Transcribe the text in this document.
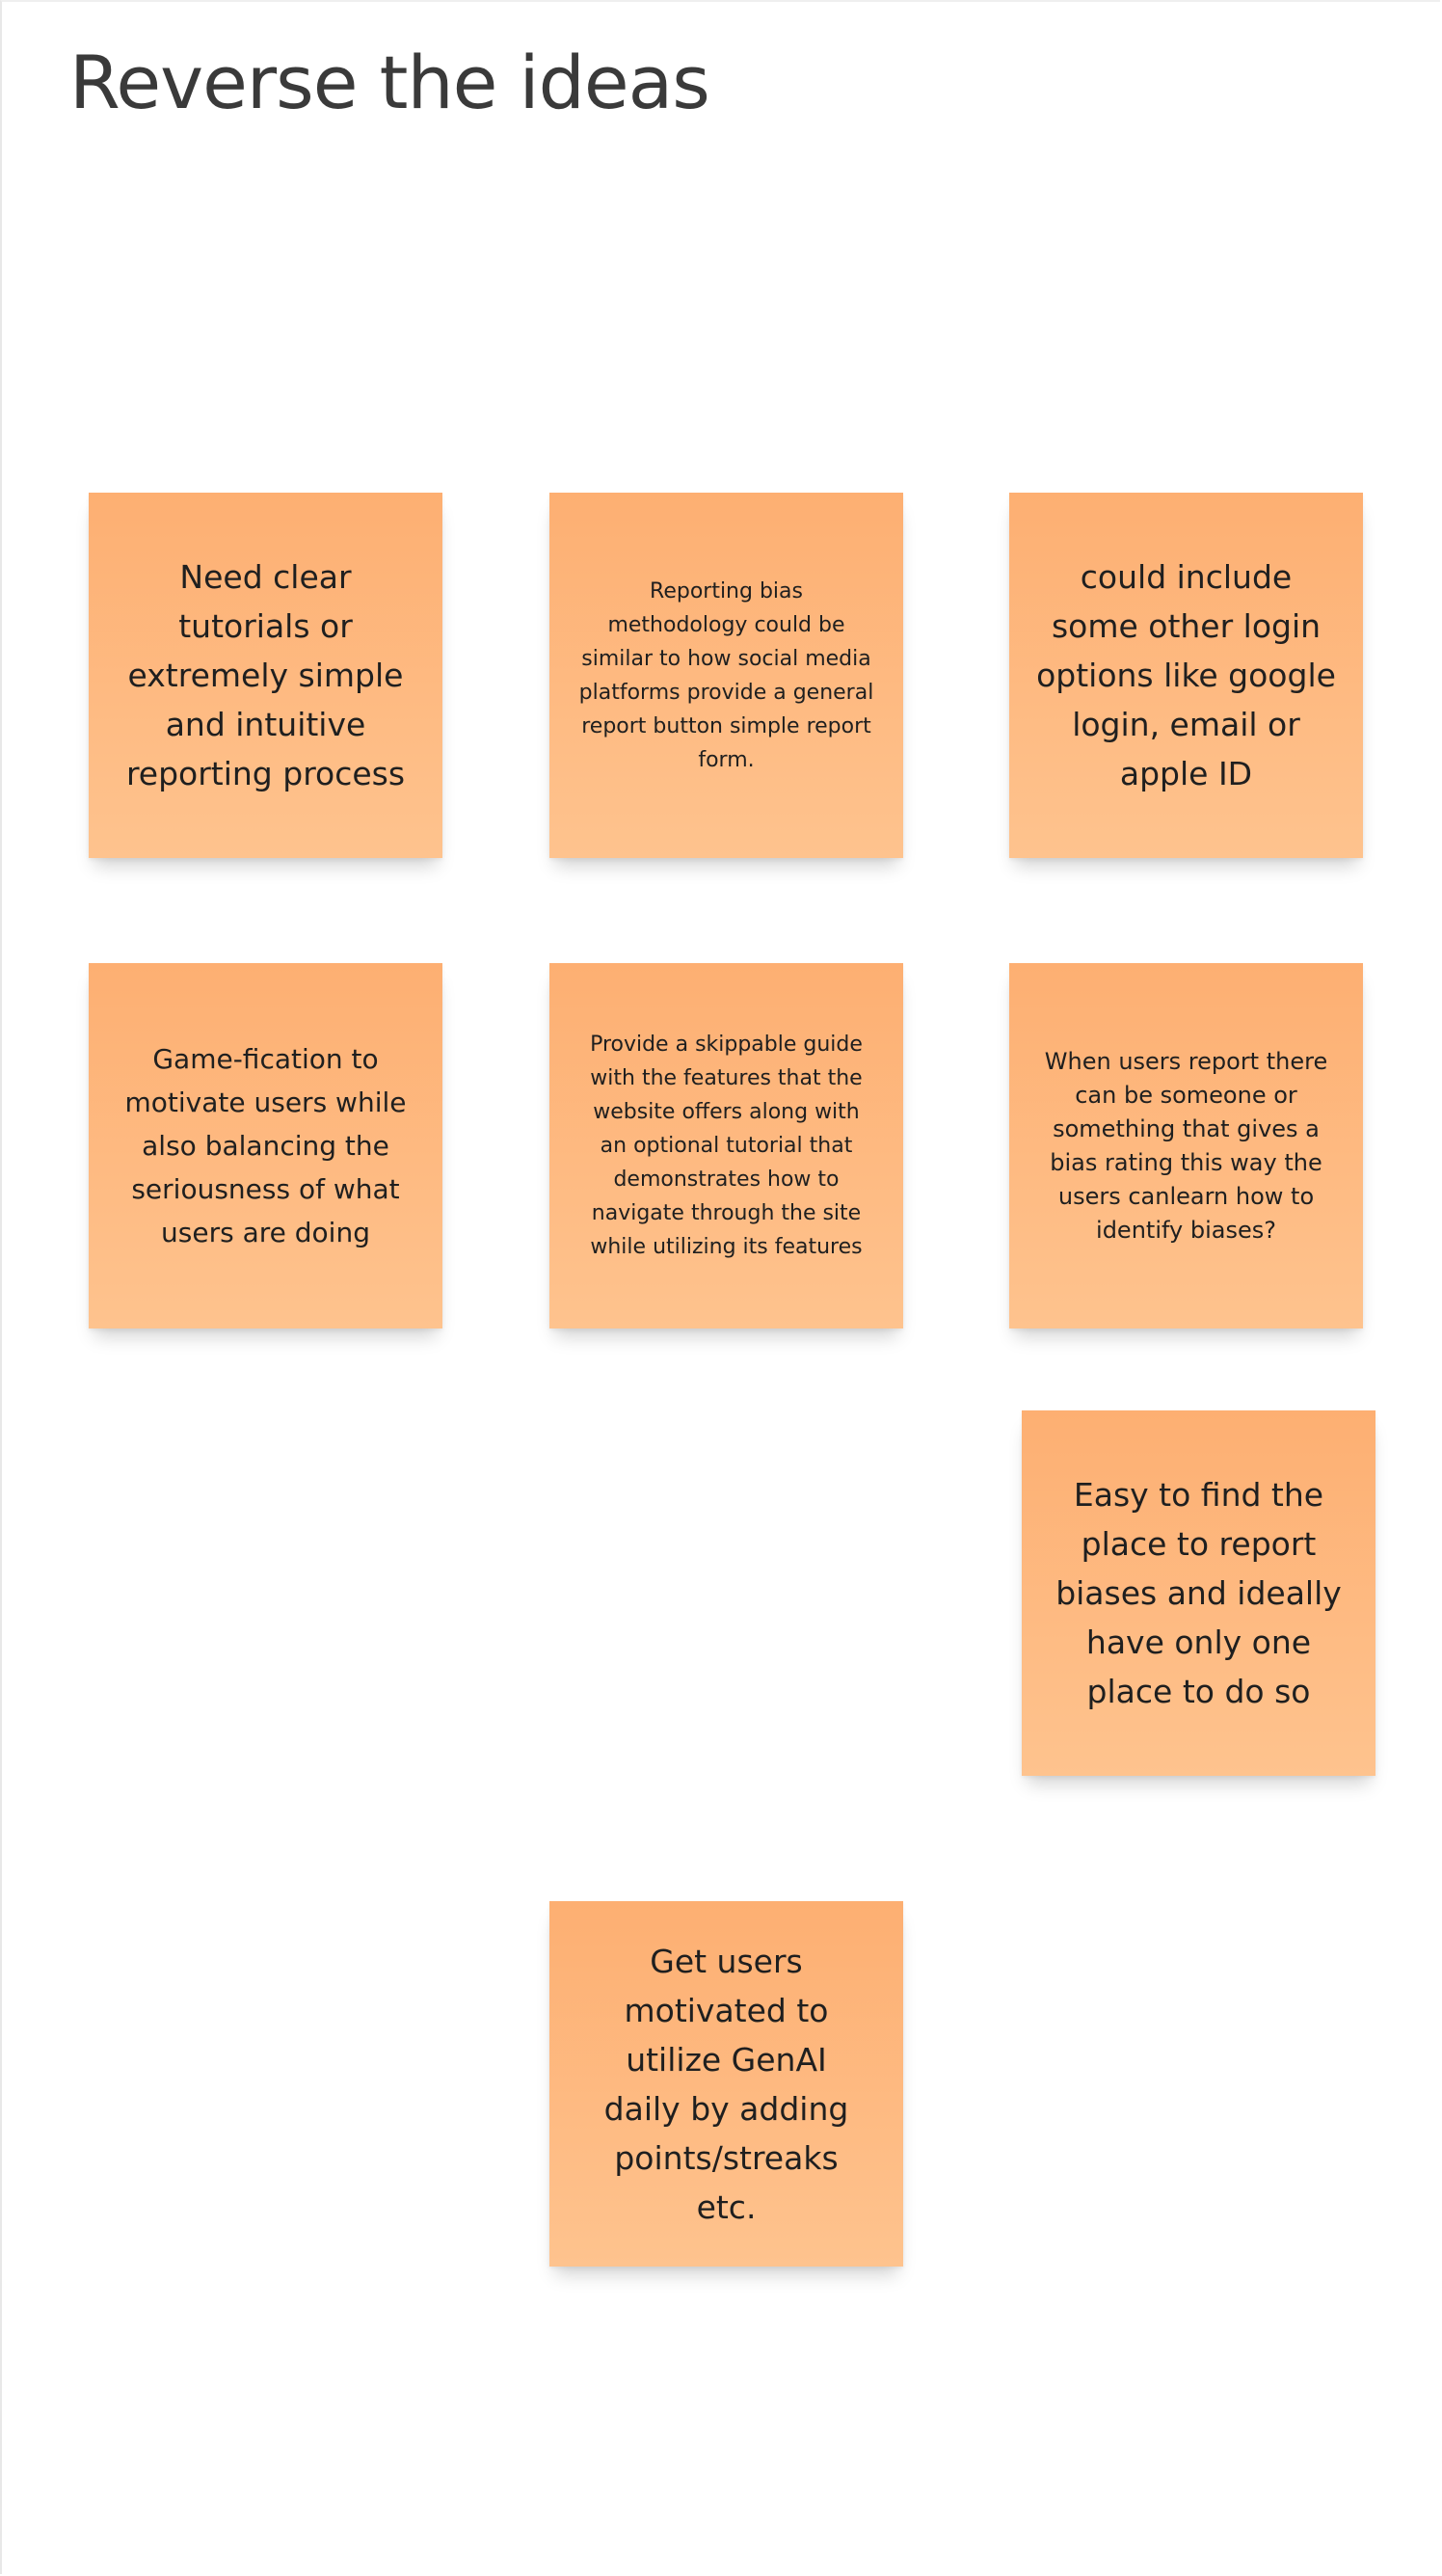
Reverse the ideas
Need clear tutorials or extremely simple and intuitive reporting process
Reporting bias methodology could be similar to how social media platforms provide a general report button simple report form.
could include some other login options like google login, email or apple ID
Game-fication to motivate users while also balancing the seriousness of what users are doing
Provide a skippable guide with the features that the website offers along with an optional tutorial that demonstrates how to navigate through the site while utilizing its features
When users report there can be someone or something that gives a bias rating this way the users canlearn how to identify biases?
Easy to find the place to report biases and ideally have only one place to do so
Get users motivated to utilize GenAI daily by adding points/streaks etc.
